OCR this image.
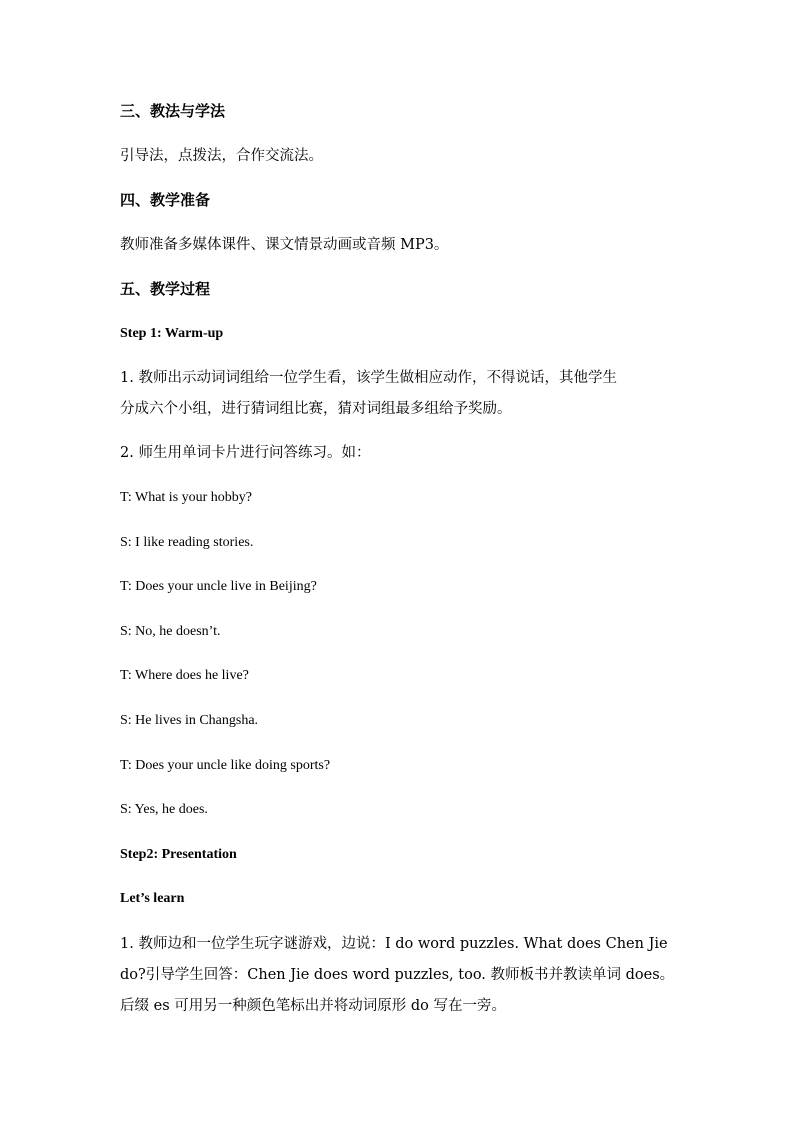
三、教法与学法
引导法，点拨法，合作交流法。
四、教学准备
教师准备多媒体课件、课文情景动画或音频 MP3。
五、教学过程
Step 1: Warm-up
1. 教师出示动词词组给一位学生看，该学生做相应动作，不得说话，其他学生
分成六个小组，进行猜词组比赛，猜对词组最多组给予奖励。
2. 师生用单词卡片进行问答练习。如：
T: What is your hobby?
S: I like reading stories.
T: Does your uncle live in Beijing?
S: No, he doesn’t.
T: Where does he live?
S: He lives in Changsha.
T: Does your uncle like doing sports?
S: Yes, he does.
Step2: Presentation
Let’s learn
1. 教师边和一位学生玩字谜游戏，边说：I do word puzzles. What does Chen Jie
do?引导学生回答：Chen Jie does word puzzles, too. 教师板书并教读单词 does。
后缀 es 可用另一种颜色笔标出并将动词原形 do 写在一旁。
